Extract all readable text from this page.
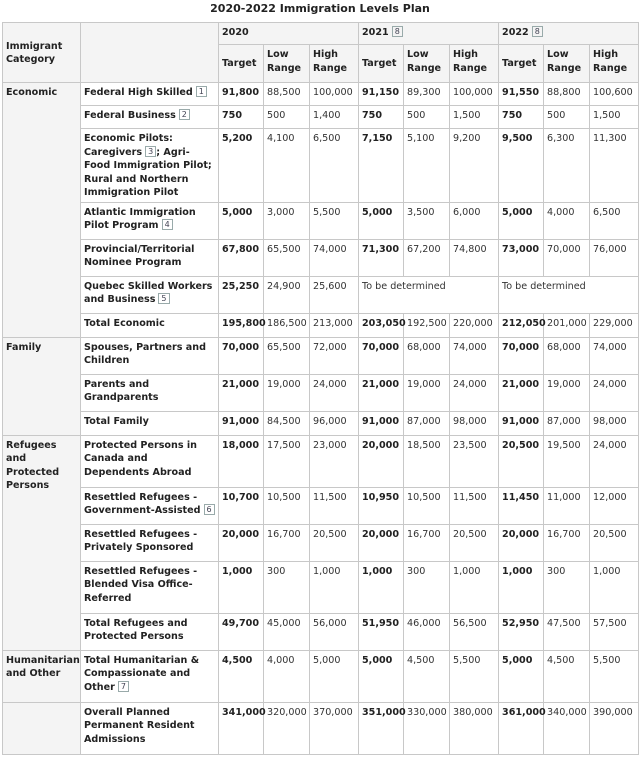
2020-2022 Immigration Levels Plan
Immigrant Category		2020			2021 8			2022 8		
		Target	Low Range	High Range	Target	Low Range	High Range	Target	Low Range	High Range
Economic	Federal High Skilled 1	91,800	88,500	100,000	91,150	89,300	100,000	91,550	88,800	100,600
	Federal Business 2	750	500	1,400	750	500	1,500	750	500	1,500
	Economic Pilots: Caregivers 3 ; Agri-Food Immigration Pilot; Rural and Northern Immigration Pilot	5,200	4,100	6,500	7,150	5,100	9,200	9,500	6,300	11,300
	Atlantic Immigration Pilot Program 4	5,000	3,000	5,500	5,000	3,500	6,000	5,000	4,000	6,500
	Provincial/Territorial Nominee Program	67,800	65,500	74,000	71,300	67,200	74,800	73,000	70,000	76,000
	Quebec Skilled Workers and Business 5	25,250	24,900	25,600	To be determined			To be determined		
	Total Economic	195,800	186,500	213,000	203,050	192,500	220,000	212,050	201,000	229,000
Family	Spouses, Partners and Children	70,000	65,500	72,000	70,000	68,000	74,000	70,000	68,000	74,000
	Parents and Grandparents	21,000	19,000	24,000	21,000	19,000	24,000	21,000	19,000	24,000
	Total Family	91,000	84,500	96,000	91,000	87,000	98,000	91,000	87,000	98,000
Refugees and Protected Persons	Protected Persons in Canada and Dependents Abroad	18,000	17,500	23,000	20,000	18,500	23,500	20,500	19,500	24,000
	Resettled Refugees - Government-Assisted 6	10,700	10,500	11,500	10,950	10,500	11,500	11,450	11,000	12,000
	Resettled Refugees - Privately Sponsored	20,000	16,700	20,500	20,000	16,700	20,500	20,000	16,700	20,500
	Resettled Refugees - Blended Visa Office-Referred	1,000	300	1,000	1,000	300	1,000	1,000	300	1,000
	Total Refugees and Protected Persons	49,700	45,000	56,000	51,950	46,000	56,500	52,950	47,500	57,500
Humanitarian and Other	Total Humanitarian & Compassionate and Other 7	4,500	4,000	5,000	5,000	4,500	5,500	5,000	4,500	5,500
	Overall Planned Permanent Resident Admissions	341,000	320,000	370,000	351,000	330,000	380,000	361,000	340,000	390,000
